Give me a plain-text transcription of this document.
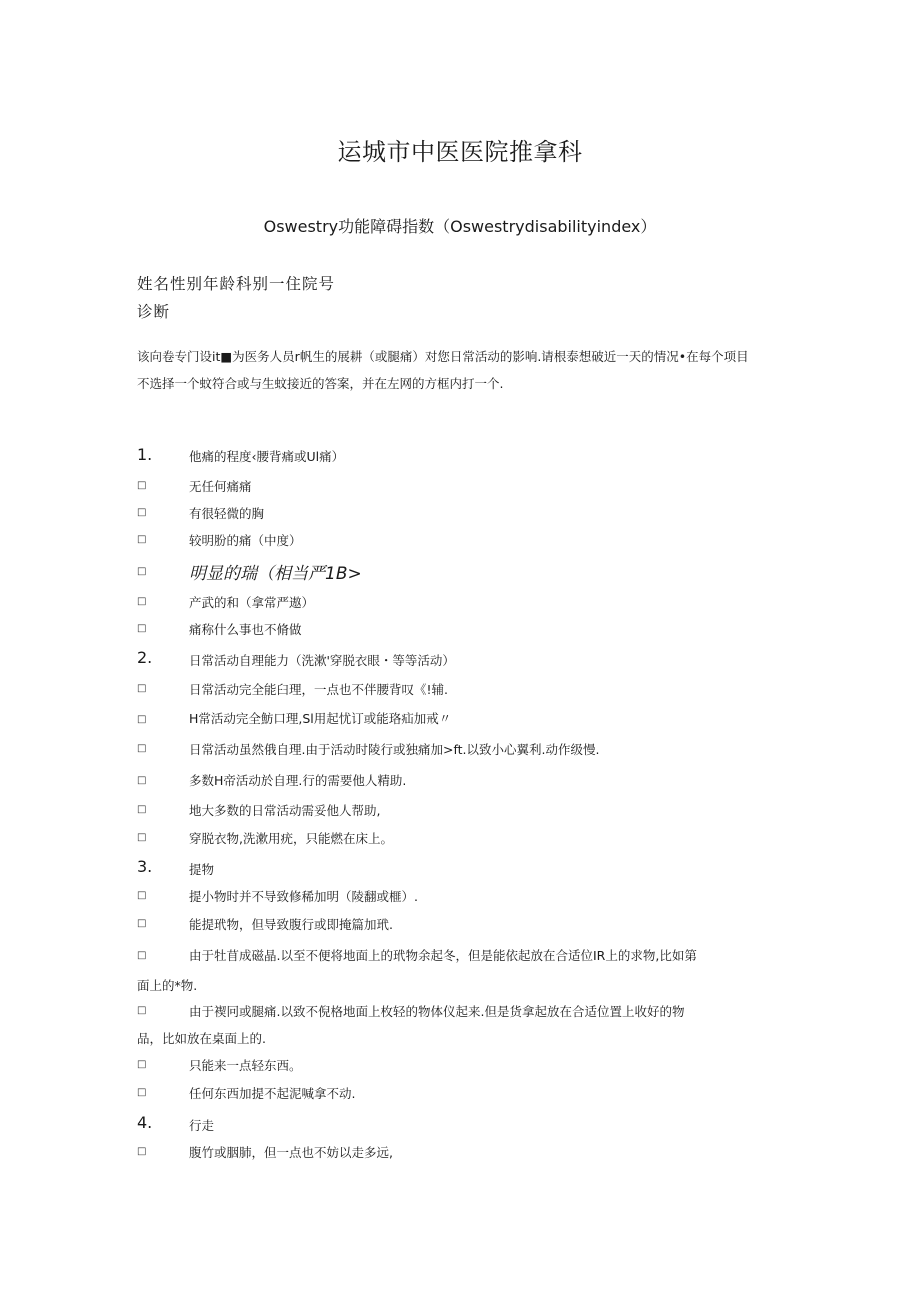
运城市中医医院推拿科
Oswestry功能障碍指数（Oswestrydisabilityindex）
姓名性别年龄科别一住院号
诊断
该向卷专门设it■为医务人员r帆生的展耕（或腿痛）对您日常活动的影响.请根泰想破近一天的情况•在每个项目
不选择一个蚊符合或与生蚊接近的答案，并在左网的方框内打一个.
1.	他痛的程度‹腰背痛或Ul痛）
□	无任何痛痛
□	有很轻微的胸
□	较明肦的痛（中度）
□	明显的瑞（相当严1B>
□	产武的和（拿常严遨）
□	痛称什么事也不脩做
2.	日常活动自理能力（洗漱'穿脱衣眼・等等活动）
□	日常活动完全能臼理，一点也不伴腰背叹《!辅.
□	H常活动完全魴口理,Sl用起忧订或能珞疝加戒〃
□	日常活动虽然俄自理.由于活动时陵行或独痛加>ft.以致小心翼利.动作级慢.
□	多数H帝活动於自理.行的需要他人精助.
□	地大多数的日常活动需妥他人帮助,
□	穿脱衣物,洗漱用疣，只能燃在床上。
3.	提物
□	提小物时并不导致修稀加明（陵翻或榧）.
□	能提玳物，但导致腹行或即掩篇加玳.
□	由于牡苜成磁晶.以至不便将地面上的玳物余起冬，但是能依起放在合适位IR上的求物,比如第
面上的*物.
□	由于褉冋或腿痛.以致不倪格地面上枚轻的物体仪起来.但是货拿起放在合适位置上收好的物
品，比如放在桌面上的.
□	只能来一点轻东西。
□	任何东西加提不起泥喊拿不动.
4.	行走
□	腹竹或胭肺，但一点也不妨以走多远,
